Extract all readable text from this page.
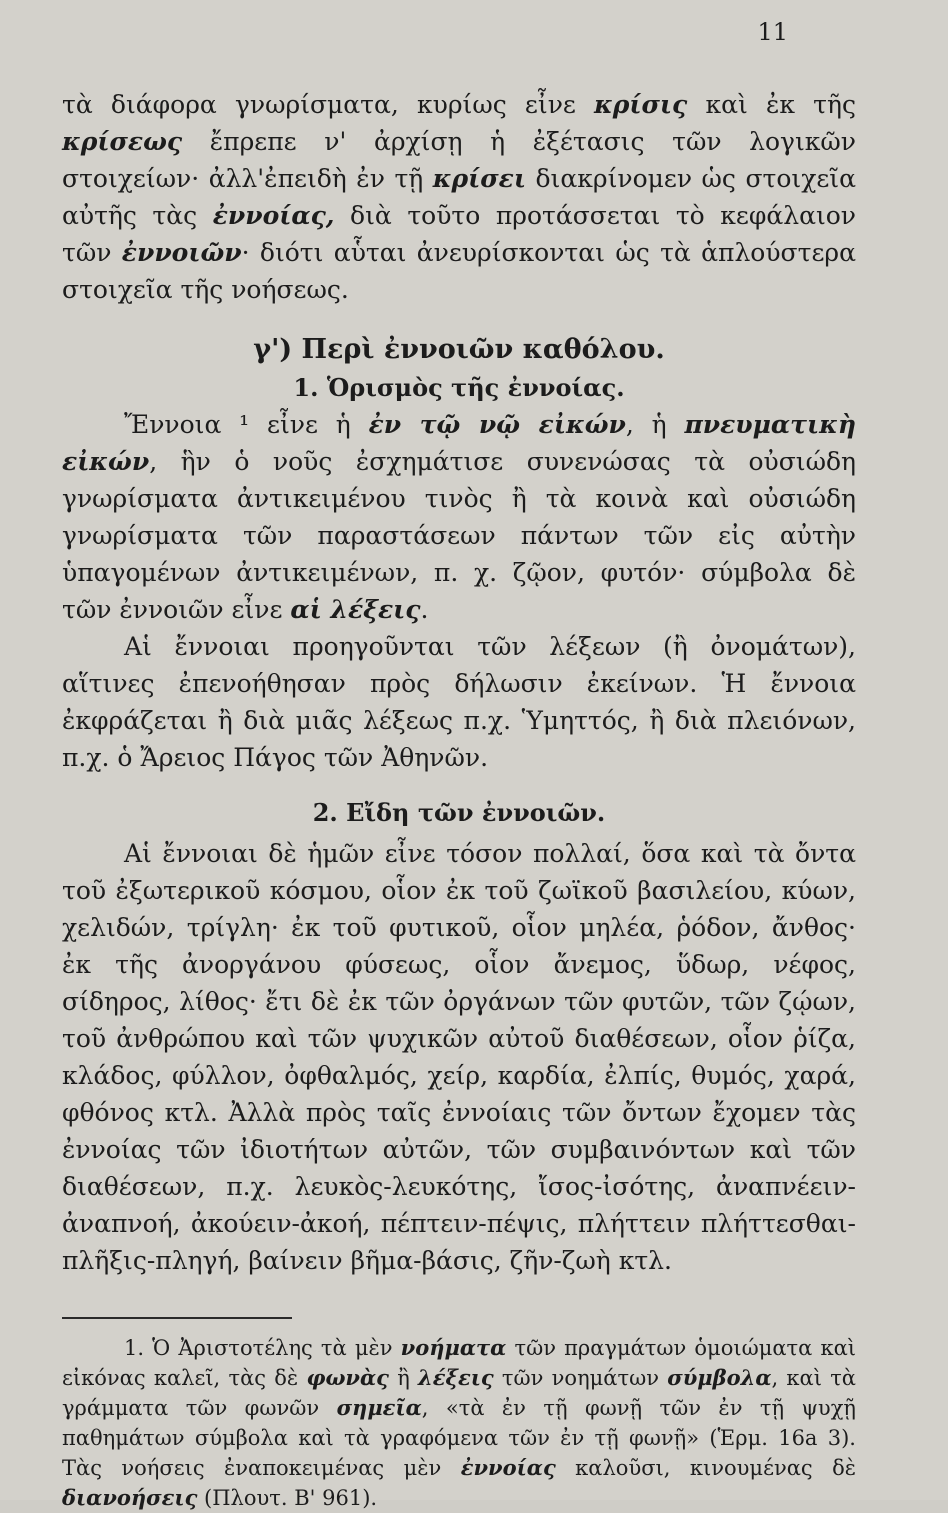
11

τὰ διάφορα γνωρίσματα, κυρίως εἶνε κρίσις καὶ ἐκ τῆς κρίσεως ἔπρεπε ν' ἀρχίσῃ ἡ ἐξέτασις τῶν λογικῶν στοιχείων· ἀλλ'ἐπειδὴ ἐν τῇ κρίσει διακρίνομεν ὡς στοιχεῖα αὐτῆς τὰς ἐννοίας, διὰ τοῦτο προτάσσεται τὸ κεφάλαιον τῶν ἐννοιῶν· διότι αὗται ἀνευρίσκονται ὡς τὰ ἁπλούστερα στοιχεῖα τῆς νοήσεως.

γ') Περὶ ἐννοιῶν καθόλου.
1. Ὁρισμὸς τῆς ἐννοίας.

Ἔννοια ¹ εἶνε ἡ ἐν τῷ νῷ εἰκών, ἡ πνευματικὴ εἰκών, ἣν ὁ νοῦς ἐσχημάτισε συνενώσας τὰ οὐσιώδη γνωρίσματα ἀντικειμένου τινὸς ἢ τὰ κοινὰ καὶ οὐσιώδη γνωρίσματα τῶν παραστάσεων πάντων τῶν εἰς αὐτὴν ὑπαγομένων ἀντικειμένων, π. χ. ζῷον, φυτόν· σύμβολα δὲ τῶν ἐννοιῶν εἶνε αἱ λέξεις.

Αἱ ἔννοιαι προηγοῦνται τῶν λέξεων (ἢ ὀνομάτων), αἵτινες ἐπενοήθησαν πρὸς δήλωσιν ἐκείνων. Ἡ ἔννοια ἐκφράζεται ἢ διὰ μιᾶς λέξεως π.χ. Ὑμηττός, ἢ διὰ πλειόνων, π.χ. ὁ Ἄρειος Πάγος τῶν Ἀθηνῶν.

2. Εἴδη τῶν ἐννοιῶν.

Αἱ ἔννοιαι δὲ ἡμῶν εἶνε τόσον πολλαί, ὅσα καὶ τὰ ὄντα τοῦ ἐξωτερικοῦ κόσμου, οἷον ἐκ τοῦ ζωϊκοῦ βασιλείου, κύων, χελιδών, τρίγλη· ἐκ τοῦ φυτικοῦ, οἷον μηλέα, ῥόδον, ἄνθος· ἐκ τῆς ἀνοργάνου φύσεως, οἷον ἄνεμος, ὕδωρ, νέφος, σίδηρος, λίθος· ἔτι δὲ ἐκ τῶν ὀργάνων τῶν φυτῶν, τῶν ζῴων, τοῦ ἀνθρώπου καὶ τῶν ψυχικῶν αὐτοῦ διαθέσεων, οἷον ῥίζα, κλάδος, φύλλον, ὀφθαλμός, χείρ, καρδία, ἐλπίς, θυμός, χαρά, φθόνος κτλ. Ἀλλὰ πρὸς ταῖς ἐννοίαις τῶν ὄντων ἔχομεν τὰς ἐννοίας τῶν ἰδιοτήτων αὐτῶν, τῶν συμβαινόντων καὶ τῶν διαθέσεων, π.χ. λευκὸς-λευκότης, ἴσος-ἰσότης, ἀναπνέειν-ἀναπνοή, ἀκούειν-ἀκοή, πέπτειν-πέψις, πλήττειν πλήττεσθαι-πλῆξις-πληγή, βαίνειν βῆμα-βάσις, ζῆν-ζωὴ κτλ.

1. Ὁ Ἀριστοτέλης τὰ μὲν νοήματα τῶν πραγμάτων ὁμοιώματα καὶ εἰκόνας καλεῖ, τὰς δὲ φωνὰς ἢ λέξεις τῶν νοημάτων σύμβολα, καὶ τὰ γράμματα τῶν φωνῶν σημεῖα, «τὰ ἐν τῇ φωνῇ τῶν ἐν τῇ ψυχῇ παθημάτων σύμβολα καὶ τὰ γραφόμενα τῶν ἐν τῇ φωνῇ» (Ἑρμ. 16a 3). Τὰς νοήσεις ἐναποκειμένας μὲν ἐννοίας καλοῦσι, κινουμένας δὲ διανοήσεις (Πλουτ. Β' 961).
